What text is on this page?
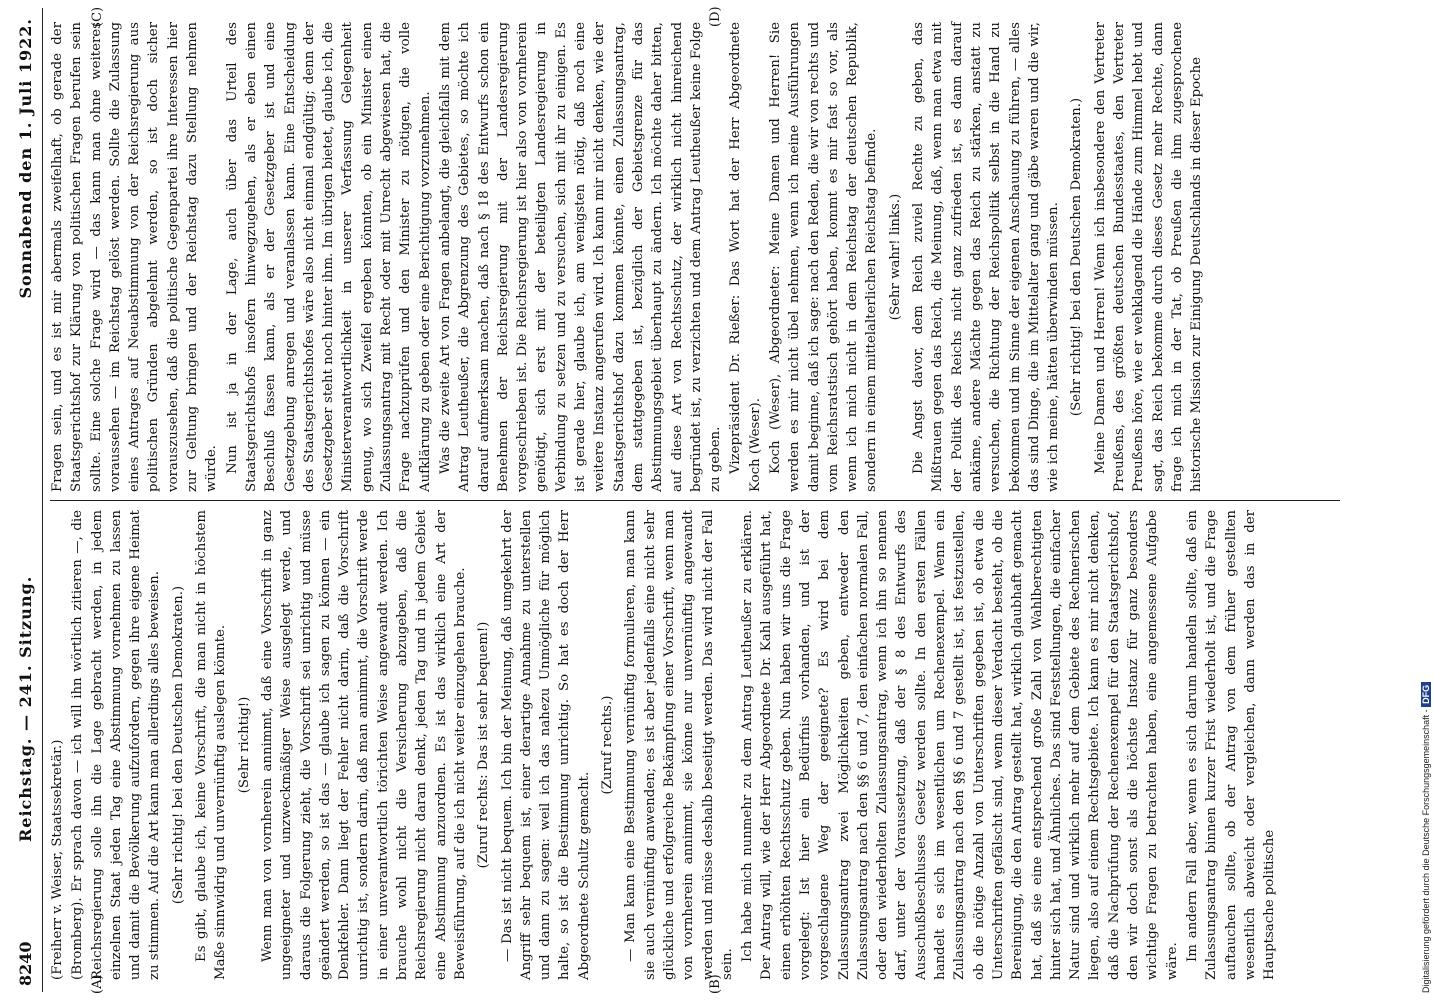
8240
Reichstag. — 241. Sitzung.
Sonnabend den 1. Juli 1922.
(A)	(B)
(C)	(D)

(Freiherr v. Weiser, Staatssekretär.) (Bromberg). Er sprach davon — ich will ihn wörtlich zitieren —, die Reichsregierung solle ihn die Lage gebracht werden, in jedem einzelnen Staat jeden Tag eine Abstimmung vornehmen zu lassen und damit die Bevölkerung aufzufordern, gegen ihre eigene Heimat zu stimmen. Auf die Art kann man allerdings alles beweisen. (Sehr richtig! bei den Deutschen Demokraten.) Es gibt, glaube ich, keine Vorschrift, die man nicht in höchstem Maße sinnwidrig und unvernünftig auslegen könnte. (Sehr richtig!) Wenn man von vornherein annimmt, daß eine Vorschrift in ganz ungeeigneter und unzweckmäßiger Weise ausgelegt werde, und daraus die Folgerung zieht, die Vorschrift sei unrichtig und müsse geändert werden, so ist das — glaube ich sagen zu können — ein Denkfehler. Dann liegt der Fehler nicht darin, daß die Vorschrift unrichtig ist, sondern darin, daß man annimmt, die Vorschrift werde in einer unverantwortlich törichten Weise angewandt werden. Ich brauche wohl nicht die Versicherung abzugeben, daß die Reichsregierung nicht daran denkt, jeden Tag und in jedem Gebiet eine Abstimmung anzuordnen. Es ist das wirklich eine Art der Beweisführung, auf die ich nicht weiter einzugehen brauche. (Zuruf rechts: Das ist sehr bequem!) — Das ist nicht bequem. Ich bin der Meinung, daß umgekehrt der Angriff sehr bequem ist, einer derartige Annahme zu unterstellen und dann zu sagen: weil ich das nahezu Unmögliche für möglich halte, so ist die Bestimmung unrichtig. So hat es doch der Herr Abgeordnete Schultz gemacht.

(Zuruf rechts.) — Man kann eine Bestimmung vernünftig formulieren, man kann sie auch vernünftig anwenden; es ist aber jedenfalls eine nicht sehr glückliche und erfolgreiche Bekämpfung einer Vorschrift, wenn man von vornherein annimmt, sie könne nur unvernünftig angewandt werden und müsse deshalb beseitigt werden. Das wird nicht der Fall sein.

Ich habe mich nunmehr zu dem Antrag Leutheußer zu erklären. Der Antrag will, wie der Herr Abgeordnete Dr. Kahl ausgeführt hat, einen erhöhten Rechtsschutz geben. Nun haben wir uns die Frage vorgelegt: Ist hier ein Bedürfnis vorhanden, und ist der vorgeschlagene Weg der geeignete? Es wird bei dem Zulassungsantrag zwei Möglichkeiten geben, entweder den Zulassungsantrag nach den §§ 6 und 7, den einfachen normalen Fall, oder den wiederholten Zulassungsantrag, wenn ich ihn so nennen darf, unter der Voraussetzung, daß der § 8 des Entwurfs des Ausschußbeschlusses Gesetz werden sollte. In den ersten Fällen handelt es sich im wesentlichen um Rechenexempel. Wenn ein Zulassungsantrag nach den §§ 6 und 7 gestellt ist, ist festzustellen, ob die nötige Anzahl von Unterschriften gegeben ist, ob etwa die Unterschriften gefälscht sind, wenn dieser Verdacht besteht, ob die Bereinigung, die den Antrag gestellt hat, wirklich glaubhaft gemacht hat, daß sie eine entsprechend große Zahl von Wahlberechtigten hinter sich hat, und Ähnliches. Das sind Feststellungen, die einfacher Natur sind und wirklich mehr auf dem Gebiete des Rechnerischen liegen, also auf einem Rechtsgebiete. Ich kann es mir nicht denken, daß die Nachprüfung der Rechenexempel für den Staatsgerichtshof, den wir doch sonst als die höchste Instanz für ganz besonders wichtige Fragen zu betrachten haben, eine angemessene Aufgabe wäre. Im andern Fall aber, wenn es sich darum handeln sollte, daß ein Zulassungsantrag binnen kurzer Frist wiederholt ist, und die Frage auftauchen sollte, ob der Antrag von dem früher gestellten wesentlich abweicht oder vergleichen, dann werden das in der Hauptsache politische

Fragen sein, und es ist mir abermals zweifelhaft, ob gerade der Staatsgerichtshof zur Klärung von politischen Fragen berufen sein sollte. Eine solche Frage wird — das kann man ohne weiteres voraussehen — im Reichstag gelöst werden. Sollte die Zulassung eines Antrages auf Neuabstimmung von der Reichsregierung aus politischen Gründen abgelehnt werden, so ist doch sicher vorauszusehen, daß die politische Gegenpartei ihre Interessen hier zur Geltung bringen und der Reichstag dazu Stellung nehmen würde. Nun ist ja in der Lage, auch über das Urteil des Staatsgerichtshofs insofern hinwegzugehen, als er eben einen Beschluß fassen kann, als er der Gesetzgeber ist und eine Gesetzgebung anregen und veranlassen kann. Eine Entscheidung des Staatsgerichtshofes wäre also nicht einmal endgültig; denn der Gesetzgeber steht noch hinter ihm. Im übrigen bietet, glaube ich, die Ministerverantwortlichkeit in unserer Verfassung Gelegenheit genug, wo sich Zweifel ergeben könnten, ob ein Minister einen Zulassungsantrag mit Recht oder mit Unrecht abgewiesen hat, die Frage nachzuprüfen und den Minister zu nötigen, die volle Aufklärung zu geben oder eine Berichtigung vorzunehmen. Was die zweite Art von Fragen anbelangt, die gleichfalls mit dem Antrag Leutheußer, die Abgrenzung des Gebietes, so möchte ich darauf aufmerksam machen, daß nach § 18 des Entwurfs schon ein Benehmen der Reichsregierung mit der Landesregierung vorgeschrieben ist. Die Reichsregierung ist hier also von vornherein genötigt, sich erst mit der beteiligten Landesregierung in Verbindung zu setzen und zu versuchen, sich mit ihr zu einigen. Es ist gerade hier, glaube ich, am wenigsten nötig, daß noch eine weitere Instanz angerufen wird. Ich kann mir nicht denken, wie der Staatsgerichtshof dazu kommen könnte, einen Zulassungsantrag, dem stattgegeben ist, bezüglich der Gebietsgrenze für das Abstimmungsgebiet überhaupt zu ändern. Ich möchte daher bitten, auf diese Art von Rechtsschutz, der wirklich nicht hinreichend begründet ist, zu verzichten und dem Antrag Leutheußer keine Folge zu geben. Vizepräsident Dr. Rießer: Das Wort hat der Herr Abgeordnete Koch (Weser). Koch (Weser), Abgeordneter: Meine Damen und Herren! Sie werden es mir nicht übel nehmen, wenn ich meine Ausführungen damit beginne, daß ich sage: nach den Reden, die wir von rechts und vom Reichsratstisch gehört haben, kommt es mir fast so vor, als wenn ich mich nicht in dem Reichstag der deutschen Republik, sondern in einem mittelalterlichen Reichstag befinde. (Sehr wahr! links.) Die Angst davor, dem Reich zuviel Rechte zu geben, das Mißtrauen gegen das Reich, die Meinung, daß, wenn man etwa mit der Politik des Reichs nicht ganz zufrieden ist, es dann darauf ankäme, andere Mächte gegen das Reich zu stärken, anstatt zu versuchen, die Richtung der Reichspolitik selbst in die Hand zu bekommen und im Sinne der eigenen Anschauung zu führen, — alles das sind Dinge, die im Mittelalter gang und gäbe waren und die wir, wie ich meine, hätten überwinden müssen. (Sehr richtig! bei den Deutschen Demokraten.) Meine Damen und Herren! Wenn ich insbesondere den Vertreter Preußens, des größten deutschen Bundesstaates, den Vertreter Preußens höre, wie er wehklagend die Hände zum Himmel hebt und sagt, das Reich bekomme durch dieses Gesetz mehr Rechte, dann frage ich mich in der Tat, ob Preußen die ihm zugesprochene historische Mission zur Einigung Deutschlands in dieser Epoche

Digitalisierung gefördert durch die Deutsche Forschungsgemeinschaft - DFG
